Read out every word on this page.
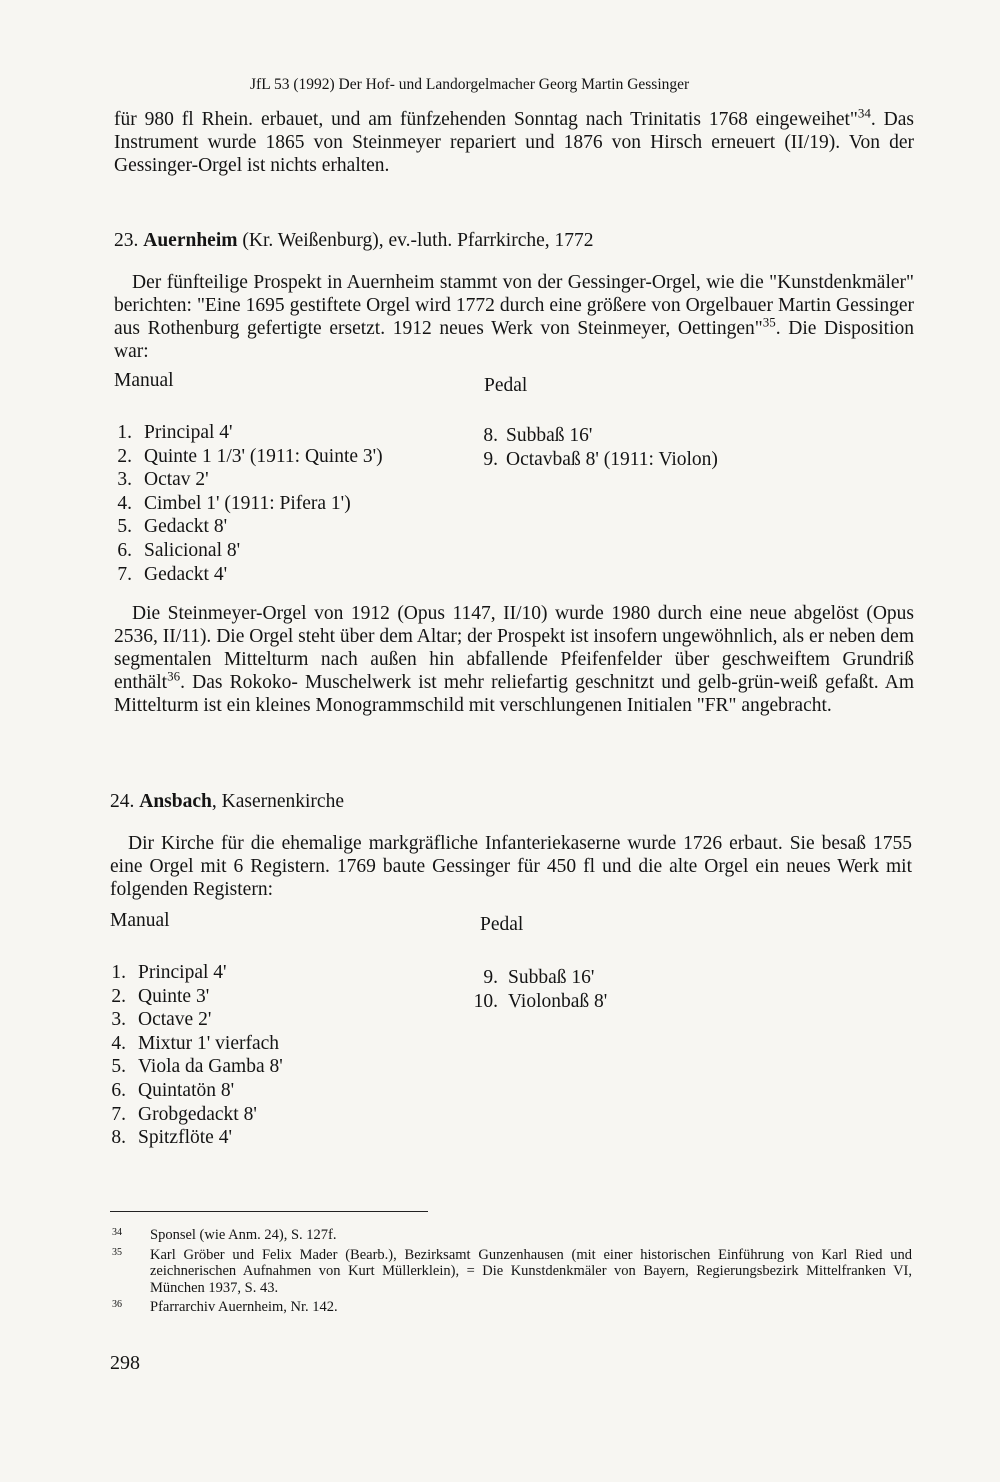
JfL 53 (1992) Der Hof- und Landorgelmacher Georg Martin Gessinger

für 980 fl Rhein. erbauet, und am fünfzehenden Sonntag nach Trinitatis 1768 eingeweihet"$^{34}$. Das Instrument wurde 1865 von Steinmeyer repariert und 1876 von Hirsch erneuert (II/19). Von der Gessinger-Orgel ist nichts erhalten.

23. Auernheim (Kr. Weißenburg), ev.-luth. Pfarrkirche, 1772

Der fünfteilige Prospekt in Auernheim stammt von der Gessinger-Orgel, wie die "Kunstdenkmäler" berichten: "Eine 1695 gestiftete Orgel wird 1772 durch eine größere von Orgelbauer Martin Gessinger aus Rothenburg gefertigte ersetzt. 1912 neues Werk von Steinmeyer, Oettingen"$^{35}$. Die Disposition war:

Manual	Pedal
1. Principal 4'
2. Quinte 1 1/3' (1911: Quinte 3')
3. Octav 2'
4. Cimbel 1' (1911: Pifera 1')
5. Gedackt 8'
6. Salicional 8'
7. Gedackt 4'
8. Subbaß 16'
9. Octavbaß 8' (1911: Violon)

Die Steinmeyer-Orgel von 1912 (Opus 1147, II/10) wurde 1980 durch eine neue abgelöst (Opus 2536, II/11). Die Orgel steht über dem Altar; der Prospekt ist insofern ungewöhnlich, als er neben dem segmentalen Mittelturm nach außen hin abfallende Pfeifenfelder über geschweiftem Grundriß enthält$^{36}$. Das Rokoko- Muschelwerk ist mehr reliefartig geschnitzt und gelb-grün-weiß gefaßt. Am Mittelturm ist ein kleines Monogrammschild mit verschlungenen Initialen "FR" angebracht.

24. Ansbach, Kasernenkirche

Dir Kirche für die ehemalige markgräfliche Infanteriekaserne wurde 1726 erbaut. Sie besaß 1755 eine Orgel mit 6 Registern. 1769 baute Gessinger für 450 fl und die alte Orgel ein neues Werk mit folgenden Registern:

Manual	Pedal
1. Principal 4'
2. Quinte 3'
3. Octave 2'
4. Mixtur 1' vierfach
5. Viola da Gamba 8'
6. Quintatön 8'
7. Grobgedackt 8'
8. Spitzflöte 4'
9. Subbaß 16'
10. Violonbaß 8'
34 Sponsel (wie Anm. 24), S. 127f.
35 Karl Gröber und Felix Mader (Bearb.), Bezirksamt Gunzenhausen (mit einer historischen Einführung von Karl Ried und zeichnerischen Aufnahmen von Kurt Müllerklein), = Die Kunstdenkmäler von Bayern, Regierungsbezirk Mittelfranken VI, München 1937, S. 43.
36 Pfarrarchiv Auernheim, Nr. 142.
298
